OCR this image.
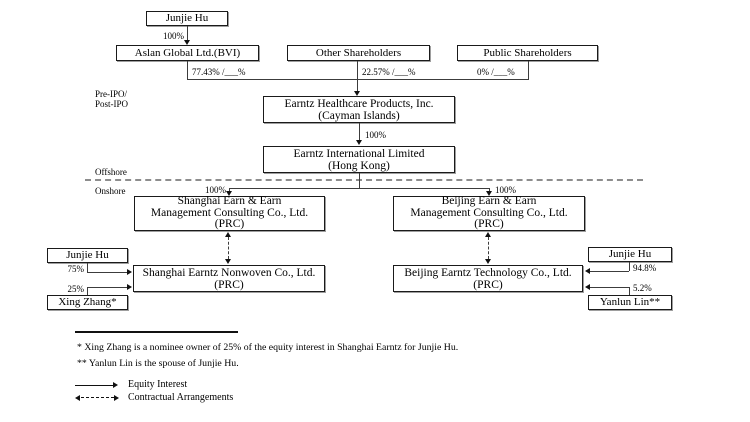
Junjie Hu
100%
Aslan Global Ltd.(BVI)	Other Shareholders	Public Shareholders
77.43% /___%	22.57% /___%	0% /___%
Pre-IPO/
Post-IPO	Earntz Healthcare Products, Inc.
(Cayman Islands)
100%
Earntz International Limited
(Hong Kong)
Offshore
Onshore	100%	100%
Shanghai Earn & Earn
Management Consulting Co., Ltd.
(PRC)
Beijing Earn & Earn
Management Consulting Co., Ltd.
(PRC)
Shanghai Earntz Nonwoven Co., Ltd.
(PRC)
Beijing Earntz Technology Co., Ltd.
(PRC)
Junjie Hu
75%
Xing Zhang*
25%
Junjie Hu
94.8%
Yanlun Lin**
5.2%
* Xing Zhang is a nominee owner of 25% of the equity interest in Shanghai Earntz for Junjie Hu.
** Yanlun Lin is the spouse of Junjie Hu.
Equity Interest
Contractual Arrangements
